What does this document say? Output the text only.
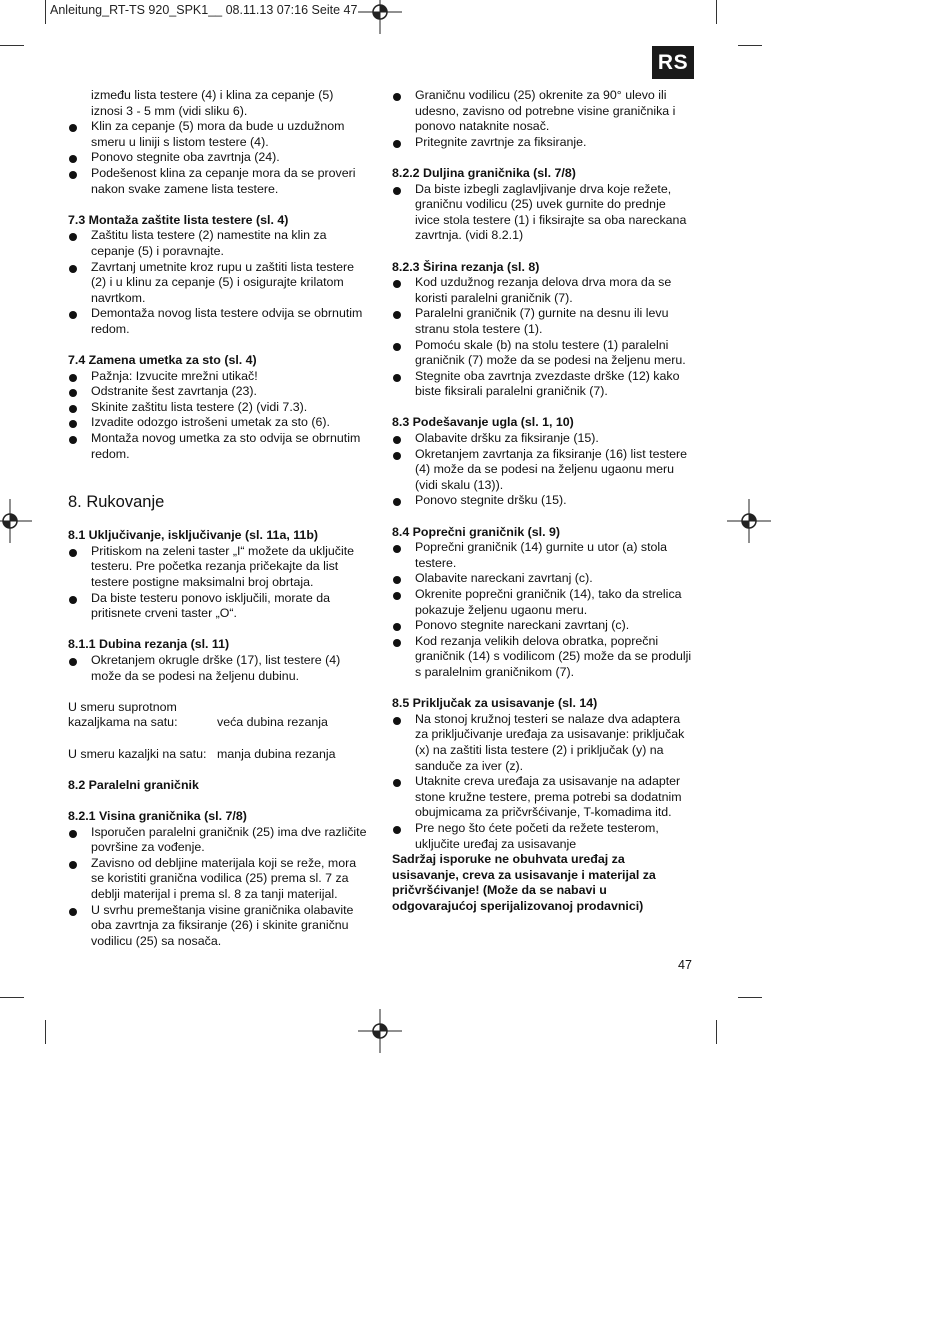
Anleitung_RT-TS 920_SPK1__ 08.11.13 07:16 Seite 47
RS
između lista testere (4) i klina za cepanje (5)
iznosi 3 - 5 mm (vidi sliku 6).
Klin za cepanje (5) mora da bude u uzdužnom smeru u liniji s listom testere (4).
Ponovo stegnite oba zavrtnja (24).
Podešenost klina za cepanje mora da se proveri nakon svake zamene lista testere.
7.3 Montaža zaštite lista testere (sl. 4)
Zaštitu lista testere (2) namestite na klin za cepanje (5) i poravnajte.
Zavrtanj umetnite kroz rupu u zaštiti lista testere (2) i u klinu za cepanje (5) i osigurajte krilatom navrtkom.
Demontaža novog lista testere odvija se obrnutim redom.
7.4 Zamena umetka za sto (sl. 4)
Pažnja: Izvucite mrežni utikač!
Odstranite šest zavrtanja (23).
Skinite zaštitu lista testere (2) (vidi 7.3).
Izvadite odozgo istrošeni umetak za sto (6).
Montaža novog umetka za sto odvija se obrnutim redom.
8. Rukovanje
8.1 Uključivanje, isključivanje (sl. 11a, 11b)
Pritiskom na zeleni taster „I“ možete da uključite testeru. Pre početka rezanja pričekajte da list testere postigne maksimalni broj obrtaja.
Da biste testeru ponovo isključili, morate da pritisnete crveni taster „O“.
8.1.1 Dubina rezanja (sl. 11)
Okretanjem okrugle drške (17), list testere (4) može da se podesi na željenu dubinu.
U smeru suprotnom
kazaljkama na satu:	veća dubina rezanja
U smeru kazaljki na satu: manja dubina rezanja
8.2 Paralelni graničnik
8.2.1 Visina graničnika (sl. 7/8)
Isporučen paralelni graničnik (25) ima dve različite površine za vođenje.
Zavisno od debljine materijala koji se reže, mora se koristiti granična vodilica (25) prema sl. 7 za deblji materijal i prema sl. 8 za tanji materijal.
U svrhu premeštanja visine graničnika olabavite oba zavrtnja za fiksiranje (26) i skinite graničnu vodilicu (25) sa nosača.
Graničnu vodilicu (25) okrenite za 90° ulevo ili udesno, zavisno od potrebne visine graničnika i ponovo nataknite nosač.
Pritegnite zavrtnje za fiksiranje.
8.2.2 Duljina graničnika (sl. 7/8)
Da biste izbegli zaglavljivanje drva koje režete, graničnu vodilicu (25) uvek gurnite do prednje ivice stola testere (1) i fiksirajte sa oba nareckana zavrtnja. (vidi 8.2.1)
8.2.3 Širina rezanja (sl. 8)
Kod uzdužnog rezanja delova drva mora da se koristi paralelni graničnik (7).
Paralelni graničnik (7) gurnite na desnu ili levu stranu stola testere (1).
Pomoću skale (b) na stolu testere (1) paralelni graničnik (7) može da se podesi na željenu meru.
Stegnite oba zavrtnja zvezdaste drške (12) kako biste fiksirali paralelni graničnik (7).
8.3 Podešavanje ugla (sl. 1, 10)
Olabavite dršku za fiksiranje (15).
Okretanjem zavrtanja za fiksiranje (16) list testere (4) može da se podesi na željenu ugaonu meru (vidi skalu (13)).
Ponovo stegnite dršku (15).
8.4 Poprečni graničnik (sl. 9)
Poprečni graničnik (14) gurnite u utor (a) stola testere.
Olabavite nareckani zavrtanj (c).
Okrenite poprečni graničnik (14), tako da strelica pokazuje željenu ugaonu meru.
Ponovo stegnite nareckani zavrtanj (c).
Kod rezanja velikih delova obratka, poprečni graničnik (14) s vodilicom (25) može da se produlji s paralelnim graničnikom (7).
8.5 Priključak za usisavanje (sl. 14)
Na stonoj kružnoj testeri se nalaze dva adaptera za priključivanje uređaja za usisavanje: priključak (x) na zaštiti lista testere (2) i priključak (y) na sanduče za iver (z).
Utaknite creva uređaja za usisavanje na adapter stone kružne testere, prema potrebi sa dodatnim obujmicama za pričvršćivanje, T-komadima itd.
Pre nego što ćete početi da režete testerom, uključite uređaj za usisavanje
Sadržaj isporuke ne obuhvata uređaj za usisavanje, creva za usisavanje i materijal za pričvršćivanje! (Može da se nabavi u odgovarajućoj sperijalizovanoj prodavnici)
47
